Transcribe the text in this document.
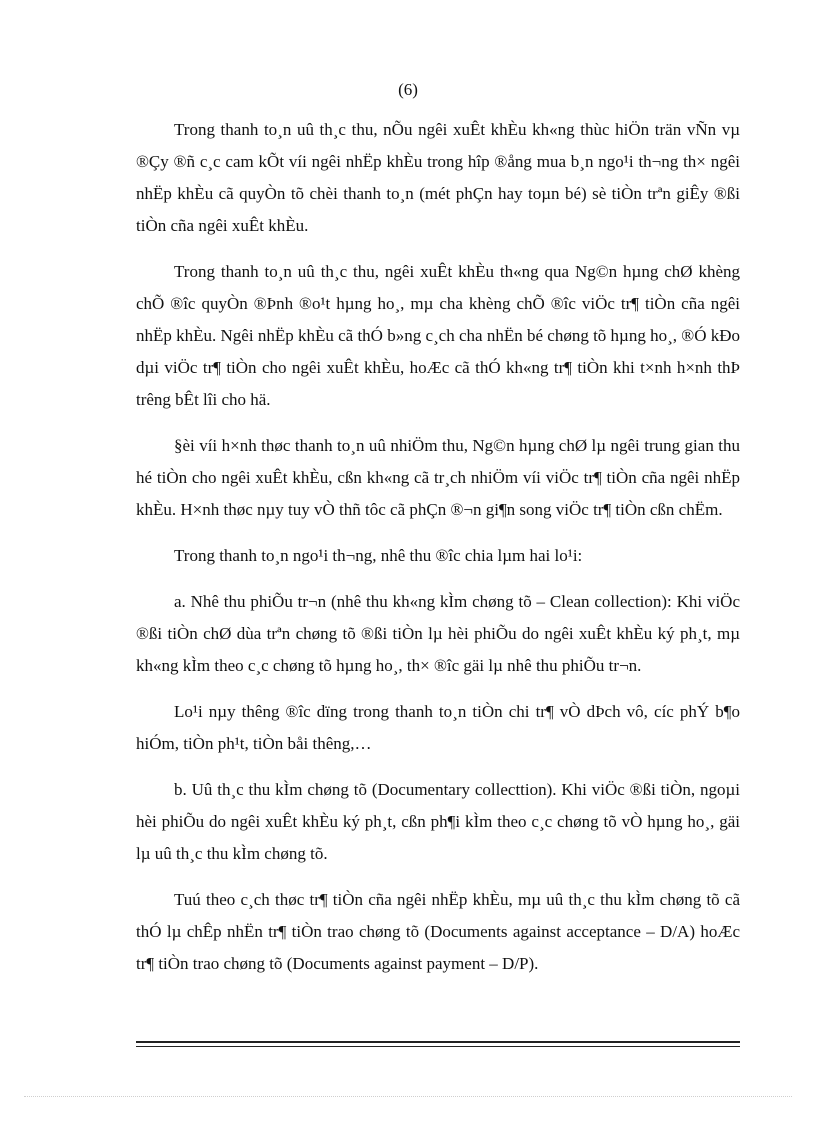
(6)

Trong thanh to¸n uû th¸c thu, nÕu ngêi xuÊt khÈu kh«ng thùc hiÖn trän vÑn vµ ®Çy ®ñ c¸c cam kÕt víi ngêi nhËp khÈu trong hîp ®ång mua b¸n ngo¹i th¬ng th× ngêi nhËp khÈu cã quyÒn tõ chèi thanh to¸n (mét phÇn hay toµn bé) sè tiÒn trªn giÊy ®ßi tiÒn cña ngêi xuÊt khÈu.

Trong thanh to¸n uû th¸c thu, ngêi xuÊt khÈu th«ng qua Ng©n hµng chØ khèng chÕ ®îc quyÒn ®Þnh ®o¹t hµng ho¸, mµ cha khèng chÕ ®îc viÖc tr¶ tiÒn cña ngêi nhËp khÈu. Ngêi nhËp khÈu cã thÓ b»ng c¸ch cha nhËn bé chøng tõ hµng ho¸, ®Ó kÐo dµi viÖc tr¶ tiÒn cho ngêi xuÊt khÈu, hoÆc cã thÓ kh«ng tr¶ tiÒn khi t×nh h×nh thÞ trêng bÊt lîi cho hä.

§èi víi h×nh thøc thanh to¸n uû nhiÖm thu, Ng©n hµng chØ lµ ngêi trung gian thu hé tiÒn cho ngêi xuÊt khÈu, cßn kh«ng cã tr¸ch nhiÖm víi viÖc tr¶ tiÒn cña ngêi nhËp khÈu. H×nh thøc nµy tuy vÒ thñ tôc cã phÇn ®¬n gi¶n song viÖc tr¶ tiÒn cßn chËm.

Trong thanh to¸n ngo¹i th¬ng, nhê thu ®îc chia lµm hai lo¹i:

a. Nhê thu phiÕu tr¬n (nhê thu kh«ng kÌm chøng tõ – Clean collection): Khi viÖc ®ßi tiÒn chØ dùa trªn chøng tõ ®ßi tiÒn lµ hèi phiÕu do ngêi xuÊt khÈu ký ph¸t, mµ kh«ng kÌm theo c¸c chøng tõ hµng ho¸, th× ®îc gäi lµ nhê thu phiÕu tr¬n.

Lo¹i nµy thêng ®îc dïng trong thanh to¸n tiÒn chi tr¶ vÒ dÞch vô, cíc phÝ b¶o hiÓm, tiÒn ph¹t, tiÒn båi thêng,…

b. Uû th¸c thu kÌm chøng tõ (Documentary collecttion). Khi viÖc ®ßi tiÒn, ngoµi hèi phiÕu do ngêi xuÊt khÈu ký ph¸t, cßn ph¶i kÌm theo c¸c chøng tõ vÒ hµng ho¸, gäi lµ uû th¸c thu kÌm chøng tõ.

Tuú theo c¸ch thøc tr¶ tiÒn cña ngêi nhËp khÈu, mµ uû th¸c thu kÌm chøng tõ cã thÓ lµ chÊp nhËn tr¶ tiÒn trao chøng tõ (Documents against acceptance – D/A) hoÆc tr¶ tiÒn trao chøng tõ (Documents against payment – D/P).
